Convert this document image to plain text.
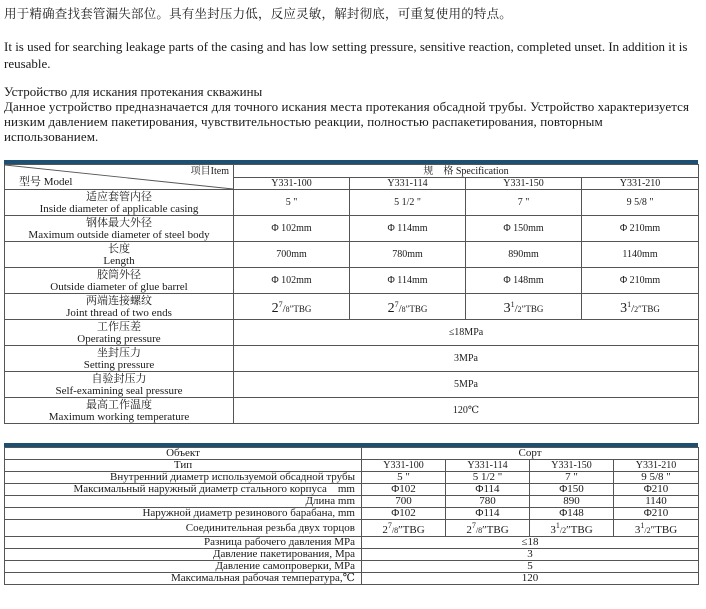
用于精确查找套管漏失部位。具有坐封压力低，反应灵敏，解封彻底，可重复使用的特点。
It is used for searching leakage parts of the casing and has low setting pressure, sensitive reaction, completed unset. In addition it is reusable.
Устройство для искания протекания скважины
Данное устройство предназначается для точного искания места протекания обсадной трубы. Устройство характеризуется низким давлением пакетирования, чувствительностью реакции, полностью распакетирования, повторным использованием.
项目Item
型号 Model	规　格 Specification			
	Y331-100	Y331-114	Y331-150	Y331-210

适应套管内径
Inside diameter of applicable casing	5 "	5 1/2 "	7 "	9 5/8 "

钢体最大外径
Maximum outside diameter of steel body	Φ 102mm	Φ 114mm	Φ 150mm	Φ 210mm

长度
Length	700mm	780mm	890mm	1140mm

胶筒外径
Outside diameter of glue barrel	Φ 102mm	Φ 114mm	Φ 148mm	Φ 210mm

两端连接螺纹
Joint thread of two ends	$2^7/8''TBG$	$2^7/8''TBG$	$3^1/2''TBG$	$3^1/2''TBG$

工作压差
Operating pressure	≤18MPa			

坐封压力
Setting pressure	3MPa			

自验封压力
Self-examining seal pressure	5MPa			

最高工作温度
Maximum working temperature	120℃			
Объект	Сорт			
Тип	Y331-100	Y331-114	Y331-150	Y331-210
Внутренний диаметр используемой обсадной трубы	5 "	5 1/2 "	7 "	9 5/8 "
Максимальный наружный диаметр стального корпуса　mm	Φ102	Φ114	Φ150	Φ210
Длина mm	700	780	890	1140
Наружной диаметр резинового барабана, mm	Φ102	Φ114	Φ148	Φ210
Соединительная резьба двух торцов	$2^7/8''TBG$	$2^7/8''TBG$	$3^1/2''TBG$	$3^1/2''TBG$
Разница рабочего давления MPa	≤18			
Давление пакетирования, Mpa	3			
Давление самопроверки, MPa	5			
Максимальная рабочая температура,℃	120			
